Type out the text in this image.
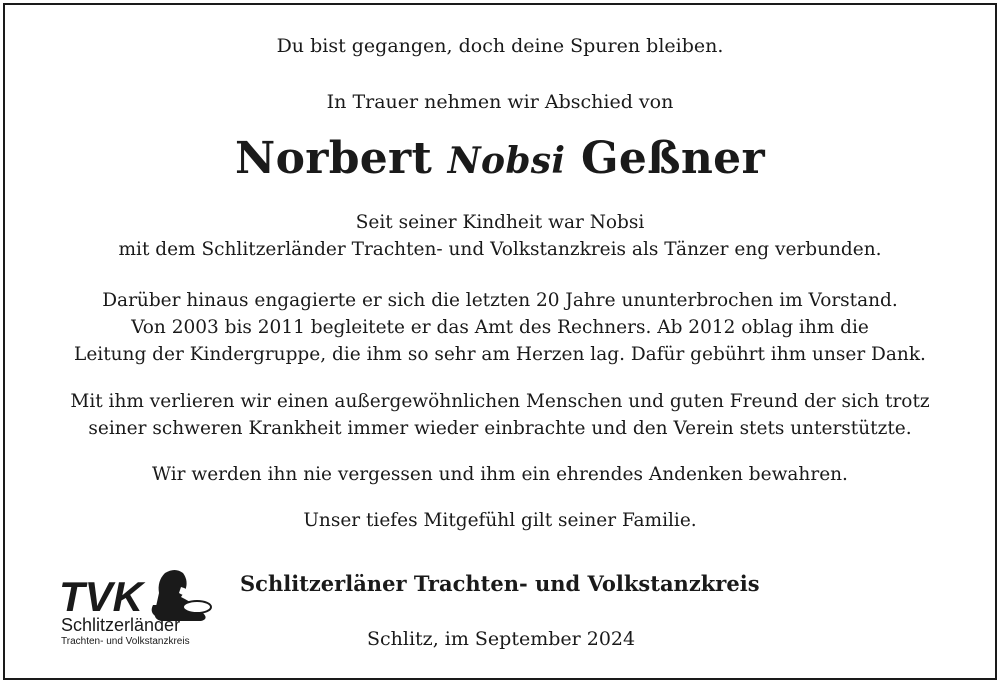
Du bist gegangen, doch deine Spuren bleiben.
In Trauer nehmen wir Abschied von
Norbert Nobsi Geßner
Seit seiner Kindheit war Nobsi
mit dem Schlitzerländer Trachten- und Volkstanzkreis als Tänzer eng verbunden.
Darüber hinaus engagierte er sich die letzten 20 Jahre ununterbrochen im Vorstand.
Von 2003 bis 2011 begleitete er das Amt des Rechners. Ab 2012 oblag ihm die
Leitung der Kindergruppe, die ihm so sehr am Herzen lag. Dafür gebührt ihm unser Dank.
Mit ihm verlieren wir einen außergewöhnlichen Menschen und guten Freund der sich trotz
seiner schweren Krankheit immer wieder einbrachte und den Verein stets unterstützte.
Wir werden ihn nie vergessen und ihm ein ehrendes Andenken bewahren.
Unser tiefes Mitgefühl gilt seiner Familie.
TVK
Schlitzerländer
Trachten- und Volkstanzkreis
Schlitzerläner Trachten- und Volkstanzkreis
Schlitz, im September 2024
